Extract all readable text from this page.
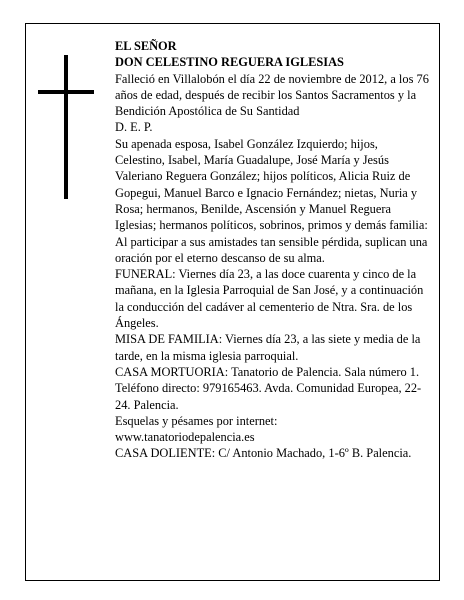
EL SEÑOR

DON CELESTINO REGUERA IGLESIAS

Falleció en Villalobón el día 22 de noviembre de 2012, a los 76 años de edad, después de recibir los Santos Sacramentos y la Bendición Apostólica de Su Santidad

D. E. P.

Su apenada esposa, Isabel González Izquierdo; hijos, Celestino, Isabel, María Guadalupe, José María y Jesús Valeriano Reguera González; hijos políticos, Alicia Ruiz de Gopegui, Manuel Barco e Ignacio Fernández; nietas, Nuria y Rosa; hermanos, Benilde, Ascensión y Manuel Reguera Iglesias; hermanos políticos, sobrinos, primos y demás familia:

Al participar a sus amistades tan sensible pérdida, suplican una oración por el eterno descanso de su alma.

FUNERAL: Viernes día 23, a las doce cuarenta y cinco de la mañana, en la Iglesia Parroquial de San José, y a continuación la conducción del cadáver al cementerio de Ntra. Sra. de los Ángeles.

MISA DE FAMILIA: Viernes día 23, a las siete y media de la tarde, en la misma iglesia parroquial.

CASA MORTUORIA: Tanatorio de Palencia. Sala número 1. Teléfono directo: 979165463. Avda. Comunidad Europea, 22-24. Palencia.

Esquelas y pésames por internet:

www.tanatoriodepalencia.es

CASA DOLIENTE: C/ Antonio Machado, 1-6º B. Palencia.
